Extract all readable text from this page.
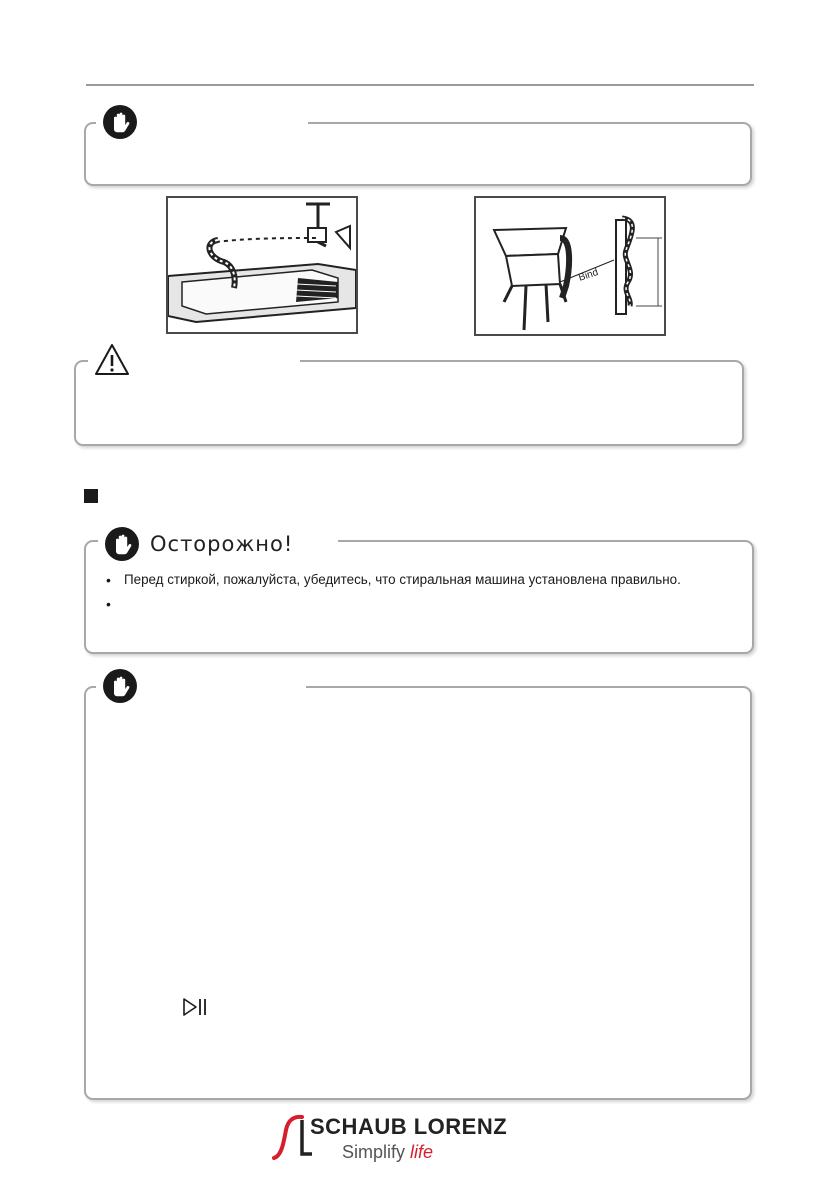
Bind
Осторожно!
• Перед стиркой, пожалуйста, убедитесь, что стиральная машина установлена правильно.
SCHAUB LORENZ
Simplify life
